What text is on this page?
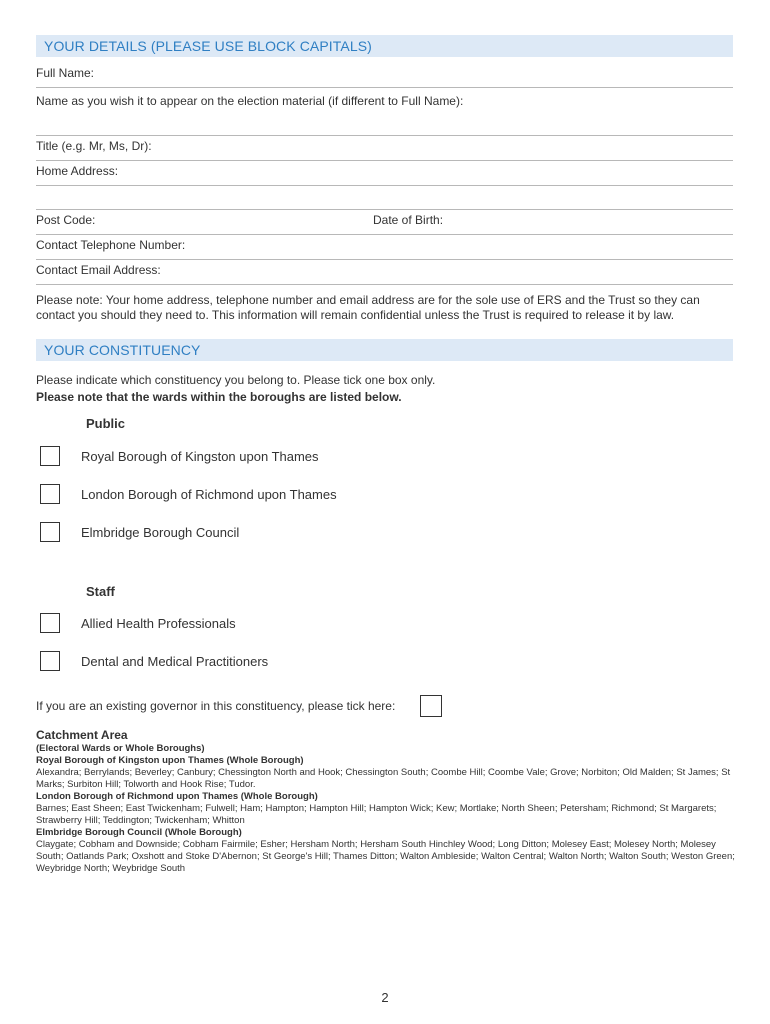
YOUR DETAILS (PLEASE USE BLOCK CAPITALS)
Full Name:
Name as you wish it to appear on the election material (if different to Full Name):
Title (e.g. Mr, Ms, Dr):
Home Address:
Post Code:	Date of Birth:
Contact Telephone Number:
Contact Email Address:
Please note: Your home address, telephone number and email address are for the sole use of ERS and the Trust so they can contact you should they need to. This information will remain confidential unless the Trust is required to release it by law.
YOUR CONSTITUENCY
Please indicate which constituency you belong to. Please tick one box only.
Please note that the wards within the boroughs are listed below.
Public
Royal Borough of Kingston upon Thames
London Borough of Richmond upon Thames
Elmbridge Borough Council
Staff
Allied Health Professionals
Dental and Medical Practitioners
If you are an existing governor in this constituency, please tick here:
Catchment Area
(Electoral Wards or Whole Boroughs)
Royal Borough of Kingston upon Thames (Whole Borough)
Alexandra; Berrylands; Beverley; Canbury; Chessington North and Hook; Chessington South; Coombe Hill; Coombe Vale; Grove; Norbiton; Old Malden; St James; St Marks; Surbiton Hill; Tolworth and Hook Rise; Tudor.
London Borough of Richmond upon Thames (Whole Borough)
Barnes; East Sheen; East Twickenham; Fulwell; Ham; Hampton; Hampton Hill; Hampton Wick; Kew; Mortlake; North Sheen; Petersham; Richmond; St Margarets; Strawberry Hill; Teddington; Twickenham; Whitton
Elmbridge Borough Council (Whole Borough)
Claygate; Cobham and Downside; Cobham Fairmile; Esher; Hersham North; Hersham South Hinchley Wood; Long Ditton; Molesey East; Molesey North; Molesey South; Oatlands Park; Oxshott and Stoke D'Abernon; St George's Hill; Thames Ditton; Walton Ambleside; Walton Central; Walton North; Walton South; Weston Green; Weybridge North; Weybridge South
2
